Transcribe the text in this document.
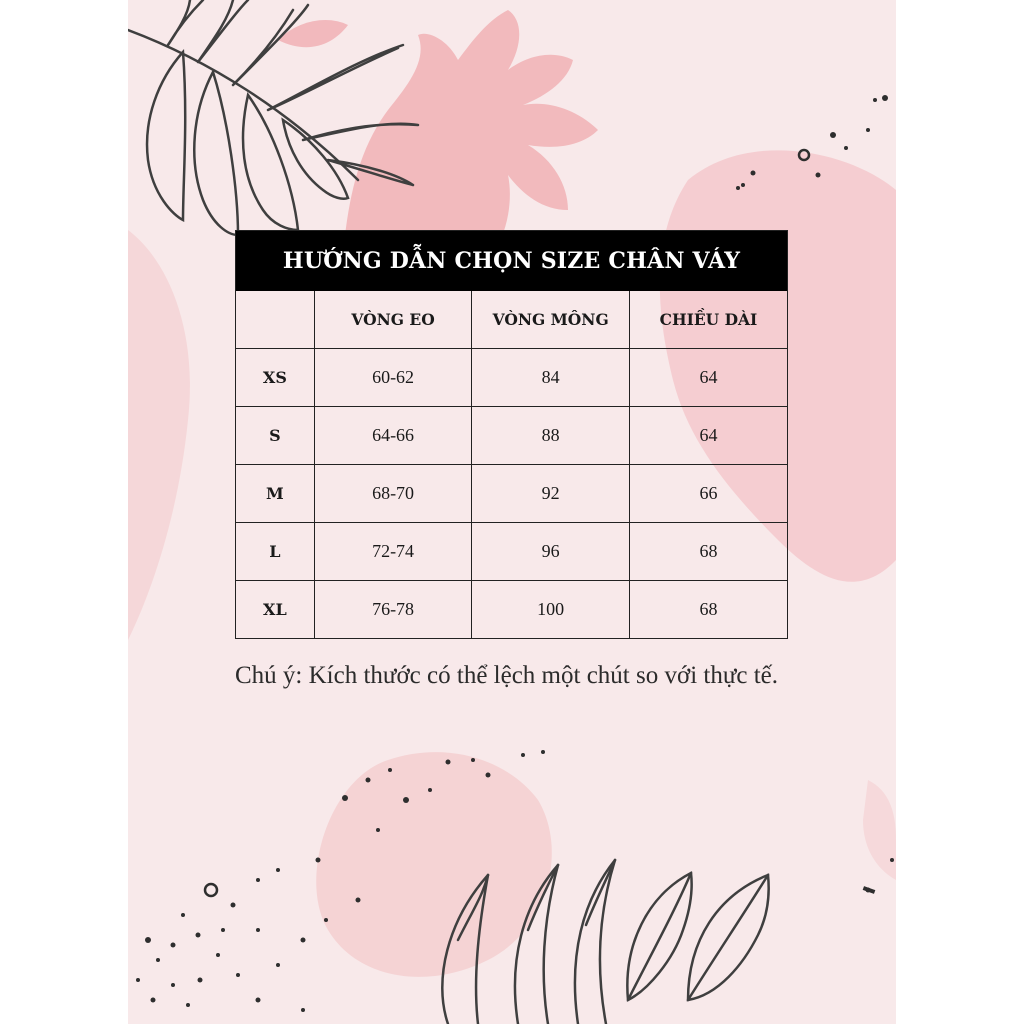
HƯỚNG DẪN CHỌN SIZE CHÂN VÁY
	VÒNG EO	VÒNG MÔNG	CHIỀU DÀI
XS	60-62	84	64
S	64-66	88	64
M	68-70	92	66
L	72-74	96	68
XL	76-78	100	68
Chú ý: Kích thước có thể lệch một chút so với thực tế.
